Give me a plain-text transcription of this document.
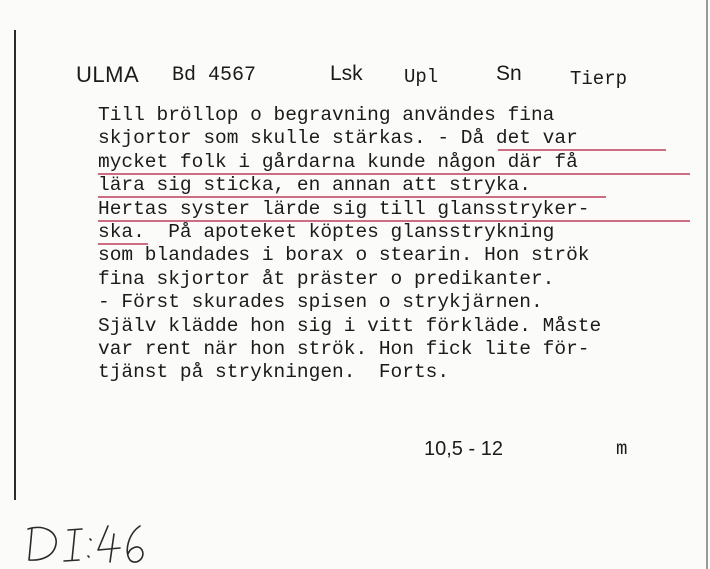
ULMA Bd 4567	Lsk Upl	Sn	Tierp
Till bröllop o begravning användes fina
skjortor som skulle stärkas. - Då det var
mycket folk i gårdarna kunde någon där få
lära sig sticka, en annan att stryka.
Hertas syster lärde sig till glansstryker-
ska.  På apoteket köptes glansstrykning
som blandades i borax o stearin. Hon strök
fina skjortor åt präster o predikanter.
- Först skurades spisen o strykjärnen.
Själv klädde hon sig i vitt förkläde. Måste
var rent när hon strök. Hon fick lite för-
tjänst på strykningen.  Forts.
10,5 - 12	m
